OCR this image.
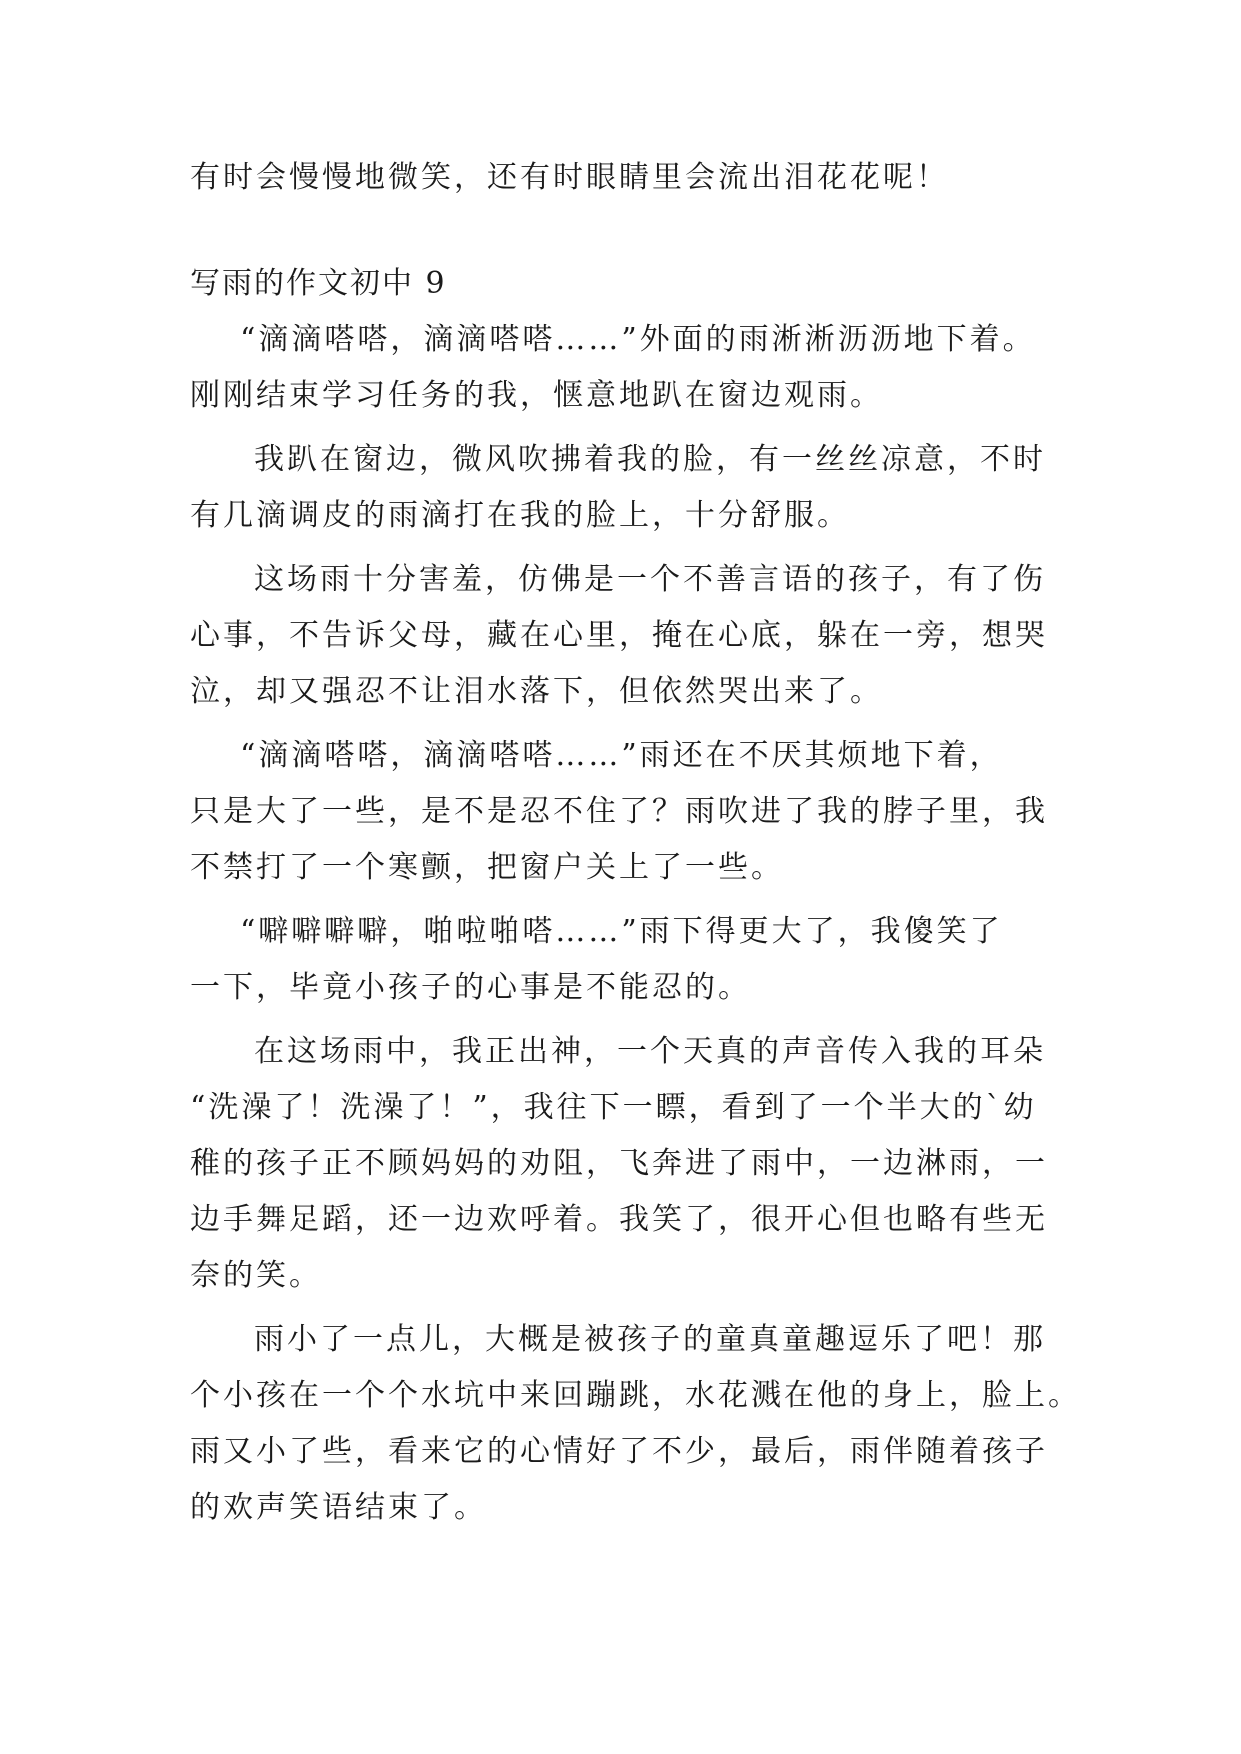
有时会慢慢地微笑，还有时眼睛里会流出泪花花呢！

写雨的作文初中 9

“滴滴嗒嗒，滴滴嗒嗒……”外面的雨淅淅沥沥地下着。

刚刚结束学习任务的我，惬意地趴在窗边观雨。

我趴在窗边，微风吹拂着我的脸，有一丝丝凉意，不时

有几滴调皮的雨滴打在我的脸上，十分舒服。

这场雨十分害羞，仿佛是一个不善言语的孩子，有了伤

心事，不告诉父母，藏在心里，掩在心底，躲在一旁，想哭

泣，却又强忍不让泪水落下，但依然哭出来了。

“滴滴嗒嗒，滴滴嗒嗒……”雨还在不厌其烦地下着，

只是大了一些，是不是忍不住了？雨吹进了我的脖子里，我

不禁打了一个寒颤，把窗户关上了一些。

“噼噼噼噼，啪啦啪嗒……”雨下得更大了，我傻笑了

一下，毕竟小孩子的心事是不能忍的。

在这场雨中，我正出神，一个天真的声音传入我的耳朵

“洗澡了！洗澡了！”，我往下一瞟，看到了一个半大的`幼

稚的孩子正不顾妈妈的劝阻，飞奔进了雨中，一边淋雨，一

边手舞足蹈，还一边欢呼着。我笑了，很开心但也略有些无

奈的笑。

雨小了一点儿，大概是被孩子的童真童趣逗乐了吧！那

个小孩在一个个水坑中来回蹦跳，水花溅在他的身上，脸上。

雨又小了些，看来它的心情好了不少，最后，雨伴随着孩子

的欢声笑语结束了。
